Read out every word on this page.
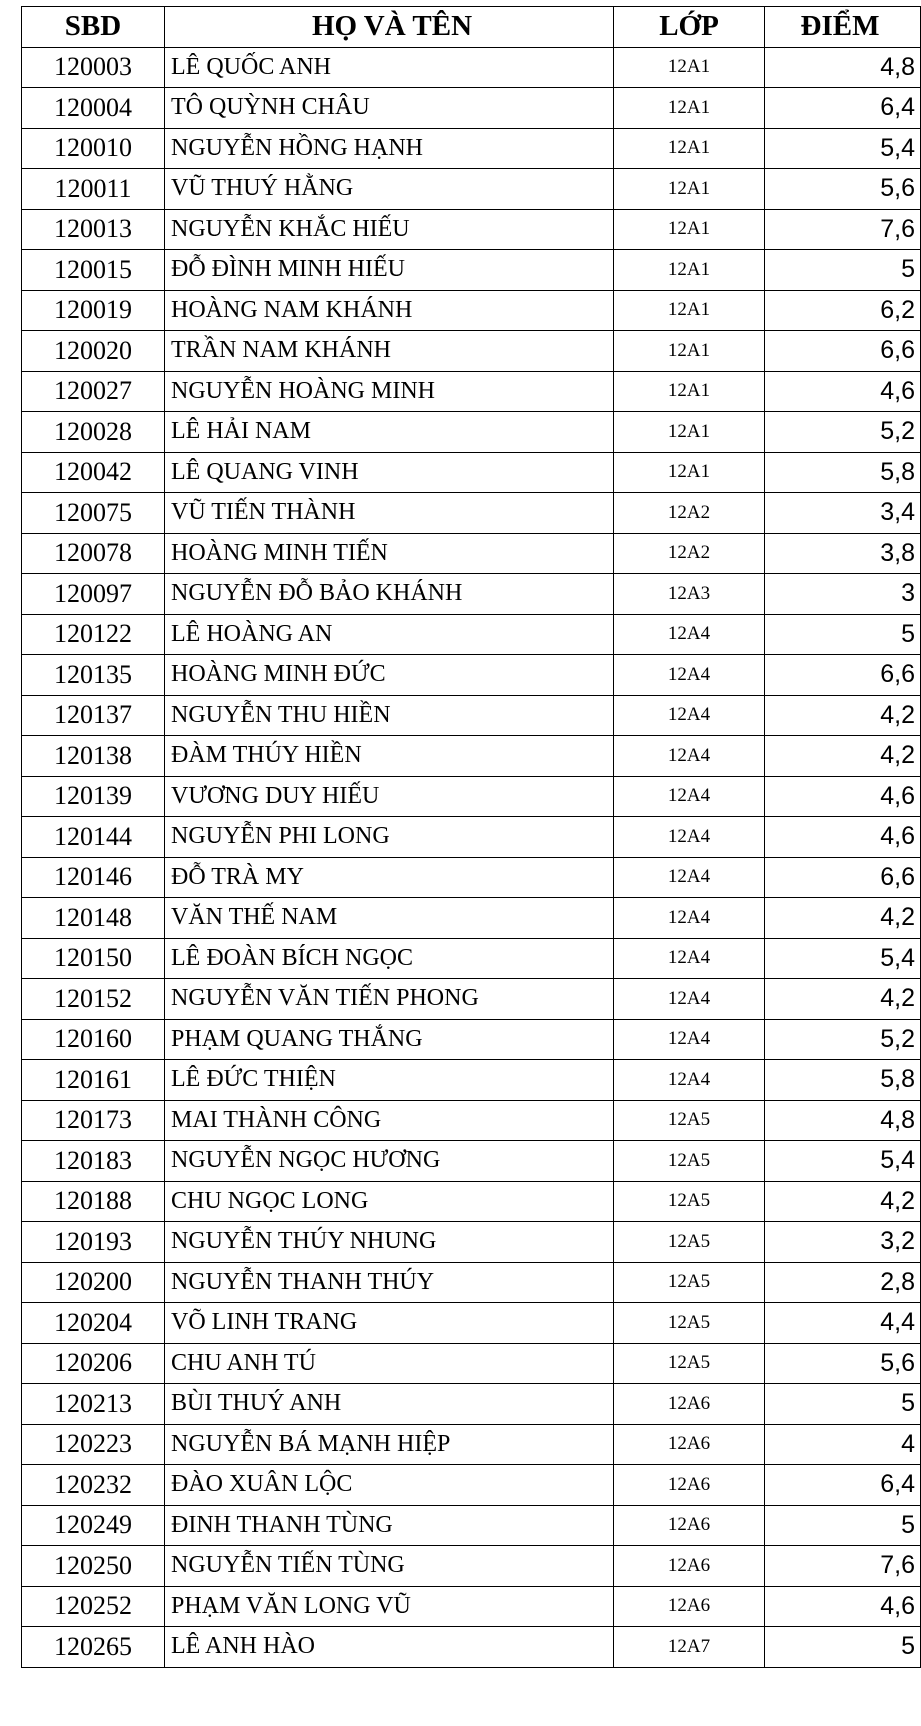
SBD	HỌ VÀ TÊN	LỚP	ĐIỂM
120003	LÊ QUỐC ANH	12A1	4,8
120004	TÔ QUỲNH CHÂU	12A1	6,4
120010	NGUYỄN HỒNG HẠNH	12A1	5,4
120011	VŨ THUÝ HẰNG	12A1	5,6
120013	NGUYỄN KHẮC HIẾU	12A1	7,6
120015	ĐỖ ĐÌNH MINH HIẾU	12A1	5
120019	HOÀNG NAM KHÁNH	12A1	6,2
120020	TRẦN NAM KHÁNH	12A1	6,6
120027	NGUYỄN HOÀNG MINH	12A1	4,6
120028	LÊ HẢI NAM	12A1	5,2
120042	LÊ QUANG VINH	12A1	5,8
120075	VŨ TIẾN THÀNH	12A2	3,4
120078	HOÀNG MINH TIẾN	12A2	3,8
120097	NGUYỄN ĐỖ BẢO KHÁNH	12A3	3
120122	LÊ HOÀNG AN	12A4	5
120135	HOÀNG MINH ĐỨC	12A4	6,6
120137	NGUYỄN THU HIỀN	12A4	4,2
120138	ĐÀM THÚY HIỀN	12A4	4,2
120139	VƯƠNG DUY HIẾU	12A4	4,6
120144	NGUYỄN PHI LONG	12A4	4,6
120146	ĐỖ TRÀ MY	12A4	6,6
120148	VĂN THẾ NAM	12A4	4,2
120150	LÊ ĐOÀN BÍCH NGỌC	12A4	5,4
120152	NGUYỄN VĂN TIẾN PHONG	12A4	4,2
120160	PHẠM QUANG THẮNG	12A4	5,2
120161	LÊ ĐỨC THIỆN	12A4	5,8
120173	MAI THÀNH CÔNG	12A5	4,8
120183	NGUYỄN NGỌC HƯƠNG	12A5	5,4
120188	CHU NGỌC LONG	12A5	4,2
120193	NGUYỄN THÚY NHUNG	12A5	3,2
120200	NGUYỄN THANH THÚY	12A5	2,8
120204	VÕ LINH TRANG	12A5	4,4
120206	CHU ANH TÚ	12A5	5,6
120213	BÙI THUÝ ANH	12A6	5
120223	NGUYỄN BÁ MẠNH HIỆP	12A6	4
120232	ĐÀO XUÂN LỘC	12A6	6,4
120249	ĐINH THANH TÙNG	12A6	5
120250	NGUYỄN TIẾN TÙNG	12A6	7,6
120252	PHẠM VĂN LONG VŨ	12A6	4,6
120265	LÊ ANH HÀO	12A7	5
